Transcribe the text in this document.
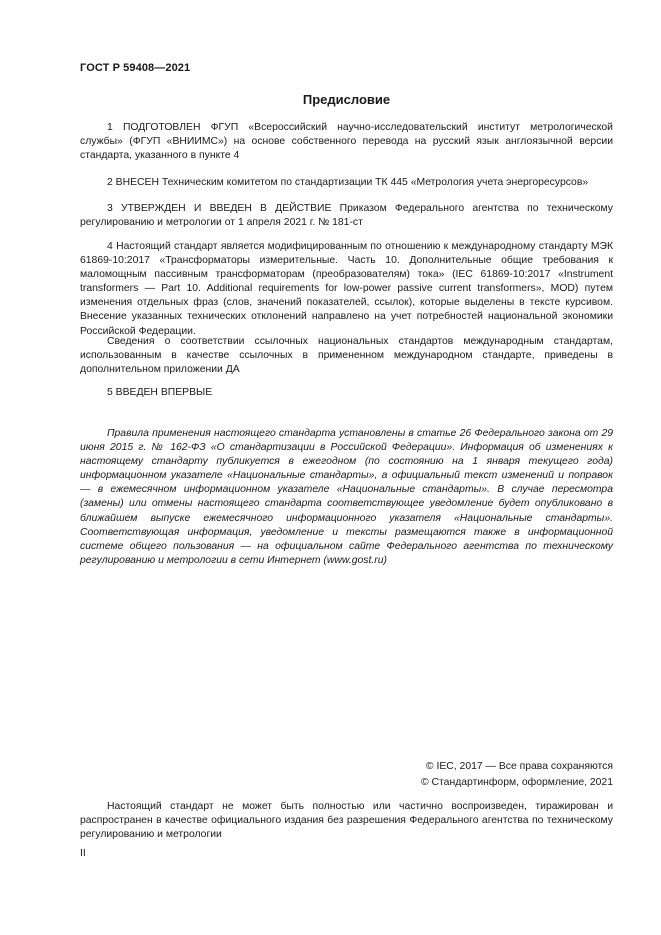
ГОСТ Р 59408—2021
Предисловие

1 ПОДГОТОВЛЕН ФГУП «Всероссийский научно-исследовательский институт метрологической службы» (ФГУП «ВНИИМС») на основе собственного перевода на русский язык англоязычной версии стандарта, указанного в пункте 4

2 ВНЕСЕН Техническим комитетом по стандартизации ТК 445 «Метрология учета энергоресурсов»

3 УТВЕРЖДЕН И ВВЕДЕН В ДЕЙСТВИЕ Приказом Федерального агентства по техническому регулированию и метрологии от 1 апреля 2021 г. № 181-ст

4 Настоящий стандарт является модифицированным по отношению к международному стандарту МЭК 61869-10:2017 «Трансформаторы измерительные. Часть 10. Дополнительные общие требования к маломощным пассивным трансформаторам (преобразователям) тока» (IEC 61869-10:2017 «Instrument transformers — Part 10. Additional requirements for low-power passive current transformers», MOD) путем изменения отдельных фраз (слов, значений показателей, ссылок), которые выделены в тексте курсивом. Внесение указанных технических отклонений направлено на учет потребностей национальной экономики Российской Федерации.

Сведения о соответствии ссылочных национальных стандартов международным стандартам, использованным в качестве ссылочных в примененном международном стандарте, приведены в дополнительном приложении ДА

5 ВВЕДЕН ВПЕРВЫЕ

Правила применения настоящего стандарта установлены в статье 26 Федерального закона от 29 июня 2015 г. № 162-ФЗ «О стандартизации в Российской Федерации». Информация об изменениях к настоящему стандарту публикуется в ежегодном (по состоянию на 1 января текущего года) информационном указателе «Национальные стандарты», а официальный текст изменений и поправок — в ежемесячном информационном указателе «Национальные стандарты». В случае пересмотра (замены) или отмены настоящего стандарта соответствующее уведомление будет опубликовано в ближайшем выпуске ежемесячного информационного указателя «Национальные стандарты». Соответствующая информация, уведомление и тексты размещаются также в информационной системе общего пользования — на официальном сайте Федерального агентства по техническому регулированию и метрологии в сети Интернет (www.gost.ru)

© IEC, 2017 — Все права сохраняются
© Стандартинформ, оформление, 2021

Настоящий стандарт не может быть полностью или частично воспроизведен, тиражирован и распространен в качестве официального издания без разрешения Федерального агентства по техническому регулированию и метрологии

II
